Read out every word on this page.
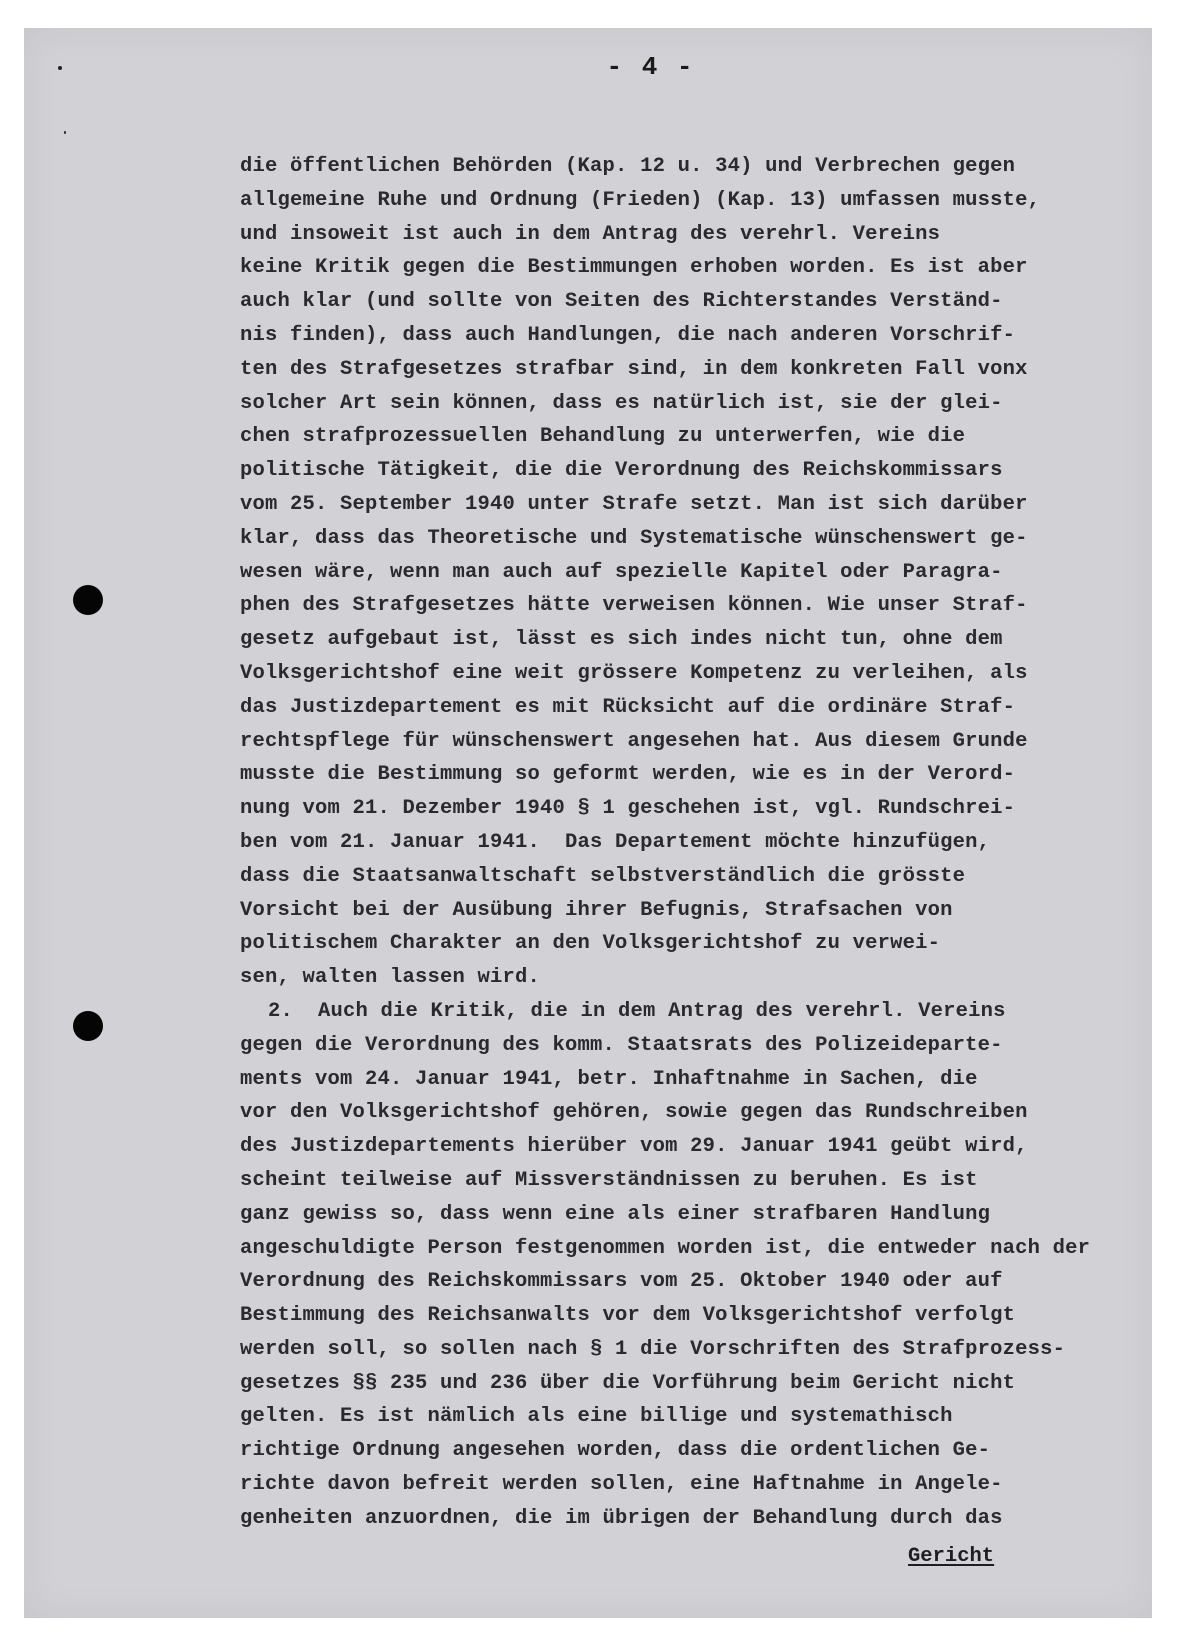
- 4 -
die öffentlichen Behörden (Kap. 12 u. 34) und Verbrechen gegen
allgemeine Ruhe und Ordnung (Frieden) (Kap. 13) umfassen musste,
und insoweit ist auch in dem Antrag des verehrl. Vereins
keine Kritik gegen die Bestimmungen erhoben worden. Es ist aber
auch klar (und sollte von Seiten des Richterstandes Verständ-
nis finden), dass auch Handlungen, die nach anderen Vorschrif-
ten des Strafgesetzes strafbar sind, in dem konkreten Fall vonx
solcher Art sein können, dass es natürlich ist, sie der glei-
chen strafprozessuellen Behandlung zu unterwerfen, wie die
politische Tätigkeit, die die Verordnung des Reichskommissars
vom 25. September 1940 unter Strafe setzt. Man ist sich darüber
klar, dass das Theoretische und Systematische wünschenswert ge-
wesen wäre, wenn man auch auf spezielle Kapitel oder Paragra-
phen des Strafgesetzes hätte verweisen können. Wie unser Straf-
gesetz aufgebaut ist, lässt es sich indes nicht tun, ohne dem
Volksgerichtshof eine weit grössere Kompetenz zu verleihen, als
das Justizdepartement es mit Rücksicht auf die ordinäre Straf-
rechtspflege für wünschenswert angesehen hat. Aus diesem Grunde
musste die Bestimmung so geformt werden, wie es in der Verord-
nung vom 21. Dezember 1940 § 1 geschehen ist, vgl. Rundschrei-
ben vom 21. Januar 1941.  Das Departement möchte hinzufügen,
dass die Staatsanwaltschaft selbstverständlich die grösste
Vorsicht bei der Ausübung ihrer Befugnis, Strafsachen von
politischem Charakter an den Volksgerichtshof zu verwei-
sen, walten lassen wird.
2.  Auch die Kritik, die in dem Antrag des verehrl. Vereins
gegen die Verordnung des komm. Staatsrats des Polizeideparte-
ments vom 24. Januar 1941, betr. Inhaftnahme in Sachen, die
vor den Volksgerichtshof gehören, sowie gegen das Rundschreiben
des Justizdepartements hierüber vom 29. Januar 1941 geübt wird,
scheint teilweise auf Missverständnissen zu beruhen. Es ist
ganz gewiss so, dass wenn eine als einer strafbaren Handlung
angeschuldigte Person festgenommen worden ist, die entweder nach der
Verordnung des Reichskommissars vom 25. Oktober 1940 oder auf
Bestimmung des Reichsanwalts vor dem Volksgerichtshof verfolgt
werden soll, so sollen nach § 1 die Vorschriften des Strafprozess-
gesetzes §§ 235 und 236 über die Vorführung beim Gericht nicht
gelten. Es ist nämlich als eine billige und systemathisch
richtige Ordnung angesehen worden, dass die ordentlichen Ge-
richte davon befreit werden sollen, eine Haftnahme in Angele-
genheiten anzuordnen, die im übrigen der Behandlung durch das
Gericht
